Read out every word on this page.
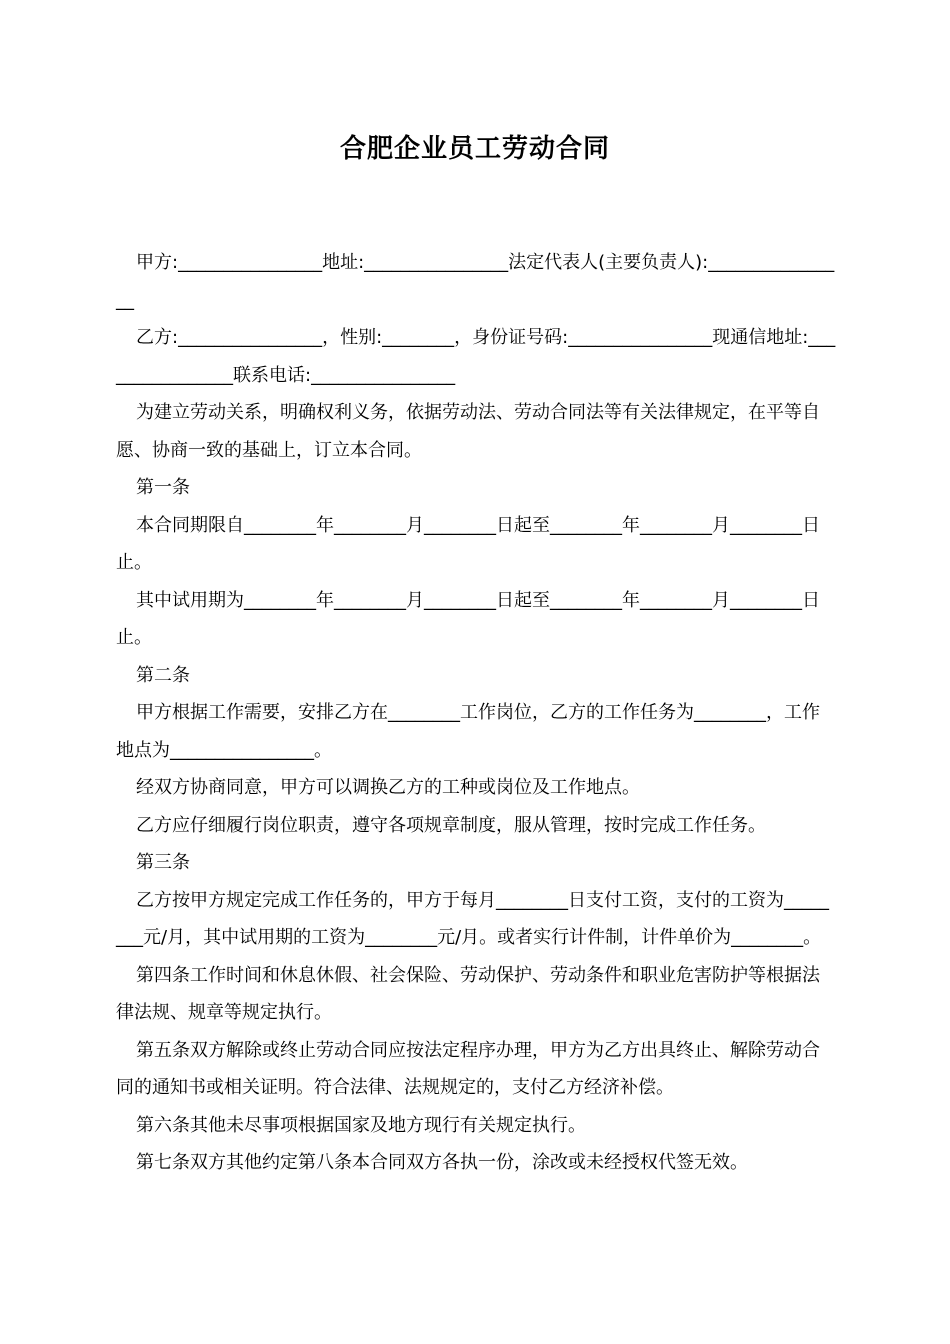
合肥企业员工劳动合同

甲方:________________地址:________________法定代表人(主要负责人):________________

乙方:________________，性别:________，身份证号码:________________现通信地址:________________联系电话:________________

为建立劳动关系，明确权利义务，依据劳动法、劳动合同法等有关法律规定，在平等自愿、协商一致的基础上，订立本合同。

第一条

本合同期限自________年________月________日起至________年________月________日止。

其中试用期为________年________月________日起至________年________月________日止。

第二条

甲方根据工作需要，安排乙方在________工作岗位，乙方的工作任务为________，工作地点为________________。

经双方协商同意，甲方可以调换乙方的工种或岗位及工作地点。

乙方应仔细履行岗位职责，遵守各项规章制度，服从管理，按时完成工作任务。

第三条

乙方按甲方规定完成工作任务的，甲方于每月________日支付工资，支付的工资为________元/月，其中试用期的工资为________元/月。或者实行计件制，计件单价为________。

第四条工作时间和休息休假、社会保险、劳动保护、劳动条件和职业危害防护等根据法律法规、规章等规定执行。

第五条双方解除或终止劳动合同应按法定程序办理，甲方为乙方出具终止、解除劳动合同的通知书或相关证明。符合法律、法规规定的，支付乙方经济补偿。

第六条其他未尽事项根据国家及地方现行有关规定执行。

第七条双方其他约定第八条本合同双方各执一份，涂改或未经授权代签无效。
